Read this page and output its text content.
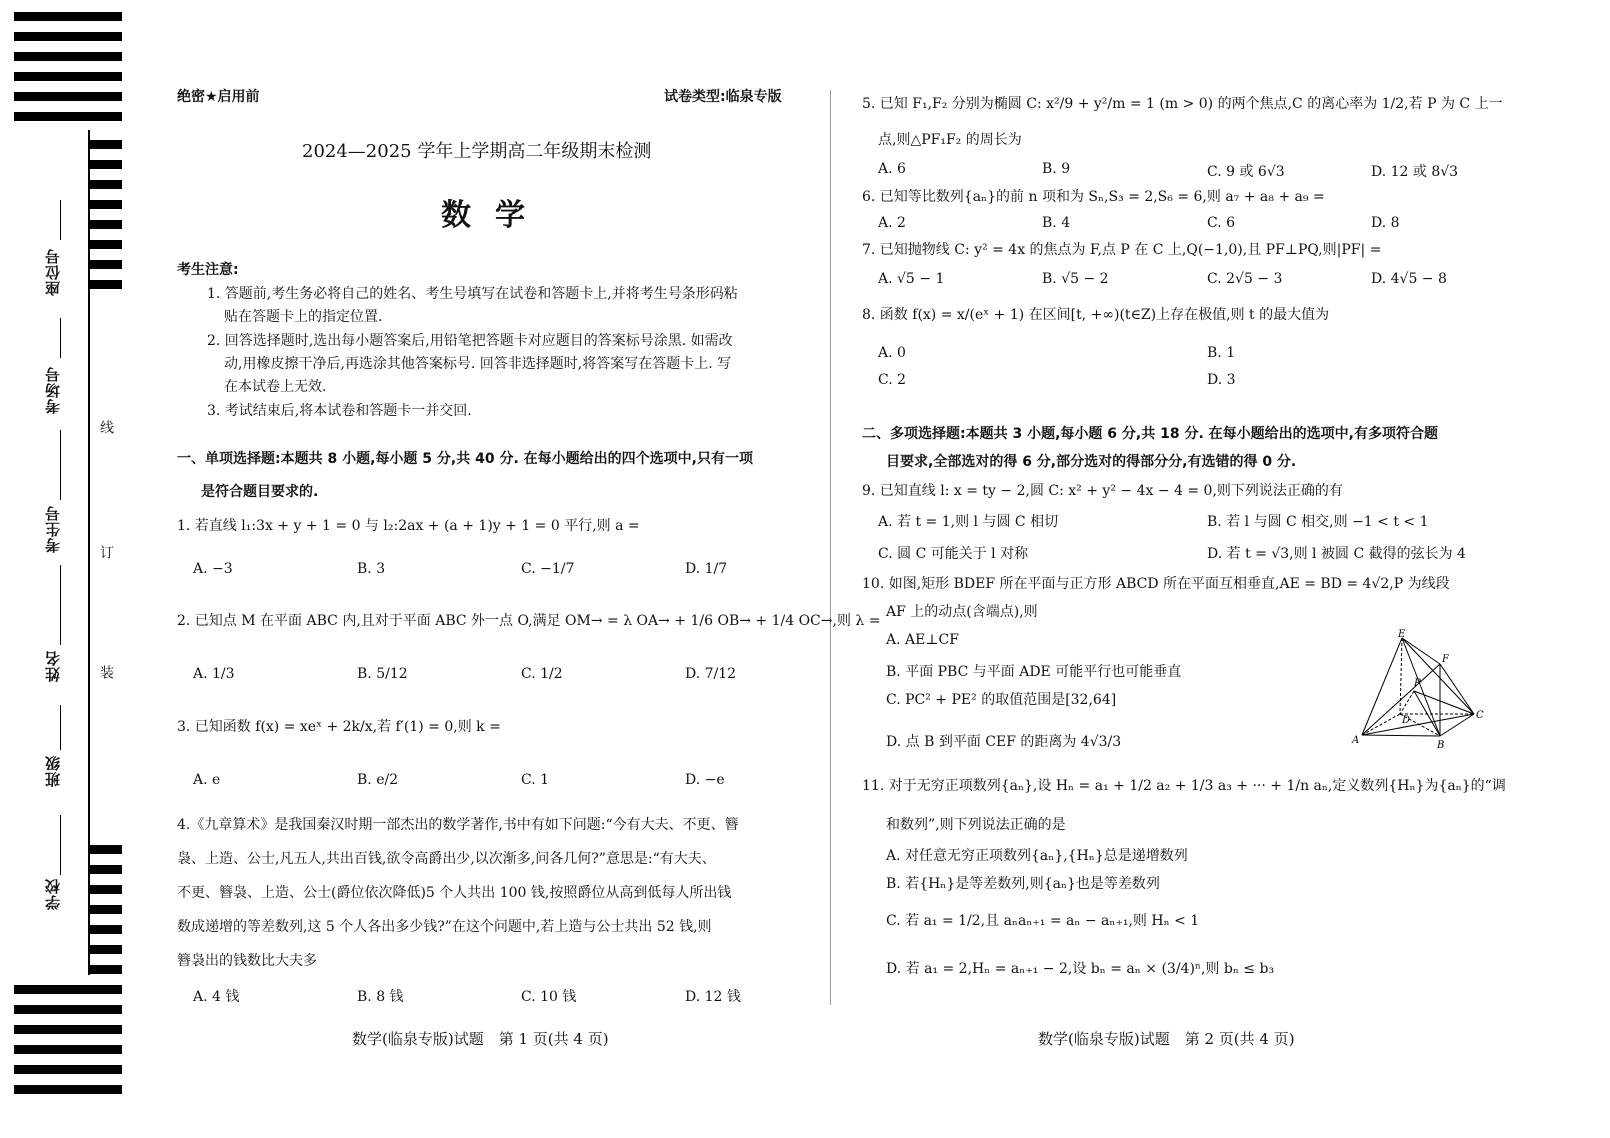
座位号
考场号
考生号
姓名
班级
学校
线
订
装
绝密★启用前	试卷类型:临泉专版
2024—2025 学年上学期高二年级期末检测
数学
考生注意:
1. 答题前,考生务必将自己的姓名、考生号填写在试卷和答题卡上,并将考生号条形码粘
贴在答题卡上的指定位置.
2. 回答选择题时,选出每小题答案后,用铅笔把答题卡对应题目的答案标号涂黑. 如需改
动,用橡皮擦干净后,再选涂其他答案标号. 回答非选择题时,将答案写在答题卡上. 写
在本试卷上无效.
3. 考试结束后,将本试卷和答题卡一并交回.
一、单项选择题:本题共 8 小题,每小题 5 分,共 40 分. 在每小题给出的四个选项中,只有一项
是符合题目要求的.
1. 若直线 l₁:3x + y + 1 = 0 与 l₂:2ax + (a + 1)y + 1 = 0 平行,则 a =
A. −3	B. 3	C. −1/7	D. 1/7
2. 已知点 M 在平面 ABC 内,且对于平面 ABC 外一点 O,满足 OM→ = λ OA→ + 1/6 OB→ + 1/4 OC→,则 λ =
A. 1/3	B. 5/12	C. 1/2	D. 7/12
3. 已知函数 f(x) = xeˣ + 2k/x,若 f′(1) = 0,则 k =
A. e	B. e/2	C. 1	D. −e
4.《九章算术》是我国秦汉时期一部杰出的数学著作,书中有如下问题:“今有大夫、不更、簪
袅、上造、公士,凡五人,共出百钱,欲令高爵出少,以次渐多,问各几何?”意思是:“有大夫、
不更、簪袅、上造、公士(爵位依次降低)5 个人共出 100 钱,按照爵位从高到低每人所出钱
数成递增的等差数列,这 5 个人各出多少钱?”在这个问题中,若上造与公士共出 52 钱,则
簪袅出的钱数比大夫多
A. 4 钱	B. 8 钱	C. 10 钱	D. 12 钱
数学(临泉专版)试题　第 1 页(共 4 页)
5. 已知 F₁,F₂ 分别为椭圆 C: x²/9 + y²/m = 1 (m > 0) 的两个焦点,C 的离心率为 1/2,若 P 为 C 上一
点,则△PF₁F₂ 的周长为
A. 6	B. 9	C. 9 或 6√3	D. 12 或 8√3
6. 已知等比数列{aₙ}的前 n 项和为 Sₙ,S₃ = 2,S₆ = 6,则 a₇ + a₈ + a₉ =
A. 2	B. 4	C. 6	D. 8
7. 已知抛物线 C: y² = 4x 的焦点为 F,点 P 在 C 上,Q(−1,0),且 PF⊥PQ,则|PF| =
A. √5 − 1	B. √5 − 2	C. 2√5 − 3	D. 4√5 − 8
8. 函数 f(x) = x/(eˣ + 1) 在区间[t, +∞)(t∈Z)上存在极值,则 t 的最大值为
A. 0	B. 1
C. 2	D. 3
二、多项选择题:本题共 3 小题,每小题 6 分,共 18 分. 在每小题给出的选项中,有多项符合题
目要求,全部选对的得 6 分,部分选对的得部分分,有选错的得 0 分.
9. 已知直线 l: x = ty − 2,圆 C: x² + y² − 4x − 4 = 0,则下列说法正确的有
A. 若 t = 1,则 l 与圆 C 相切	B. 若 l 与圆 C 相交,则 −1 < t < 1
C. 圆 C 可能关于 l 对称	D. 若 t = √3,则 l 被圆 C 截得的弦长为 4
10. 如图,矩形 BDEF 所在平面与正方形 ABCD 所在平面互相垂直,AE = BD = 4√2,P 为线段
AF 上的动点(含端点),则
A. AE⊥CF
B. 平面 PBC 与平面 ADE 可能平行也可能垂直
C. PC² + PE² 的取值范围是[32,64]
D. 点 B 到平面 CEF 的距离为 4√3/3
E
F
P
D
A	B
C
11. 对于无穷正项数列{aₙ},设 Hₙ = a₁ + 1/2 a₂ + 1/3 a₃ + ··· + 1/n aₙ,定义数列{Hₙ}为{aₙ}的“调
和数列”,则下列说法正确的是
A. 对任意无穷正项数列{aₙ},{Hₙ}总是递增数列
B. 若{Hₙ}是等差数列,则{aₙ}也是等差数列
C. 若 a₁ = 1/2,且 aₙaₙ₊₁ = aₙ − aₙ₊₁,则 Hₙ < 1
D. 若 a₁ = 2,Hₙ = aₙ₊₁ − 2,设 bₙ = aₙ × (3/4)ⁿ,则 bₙ ≤ b₃
数学(临泉专版)试题　第 2 页(共 4 页)
